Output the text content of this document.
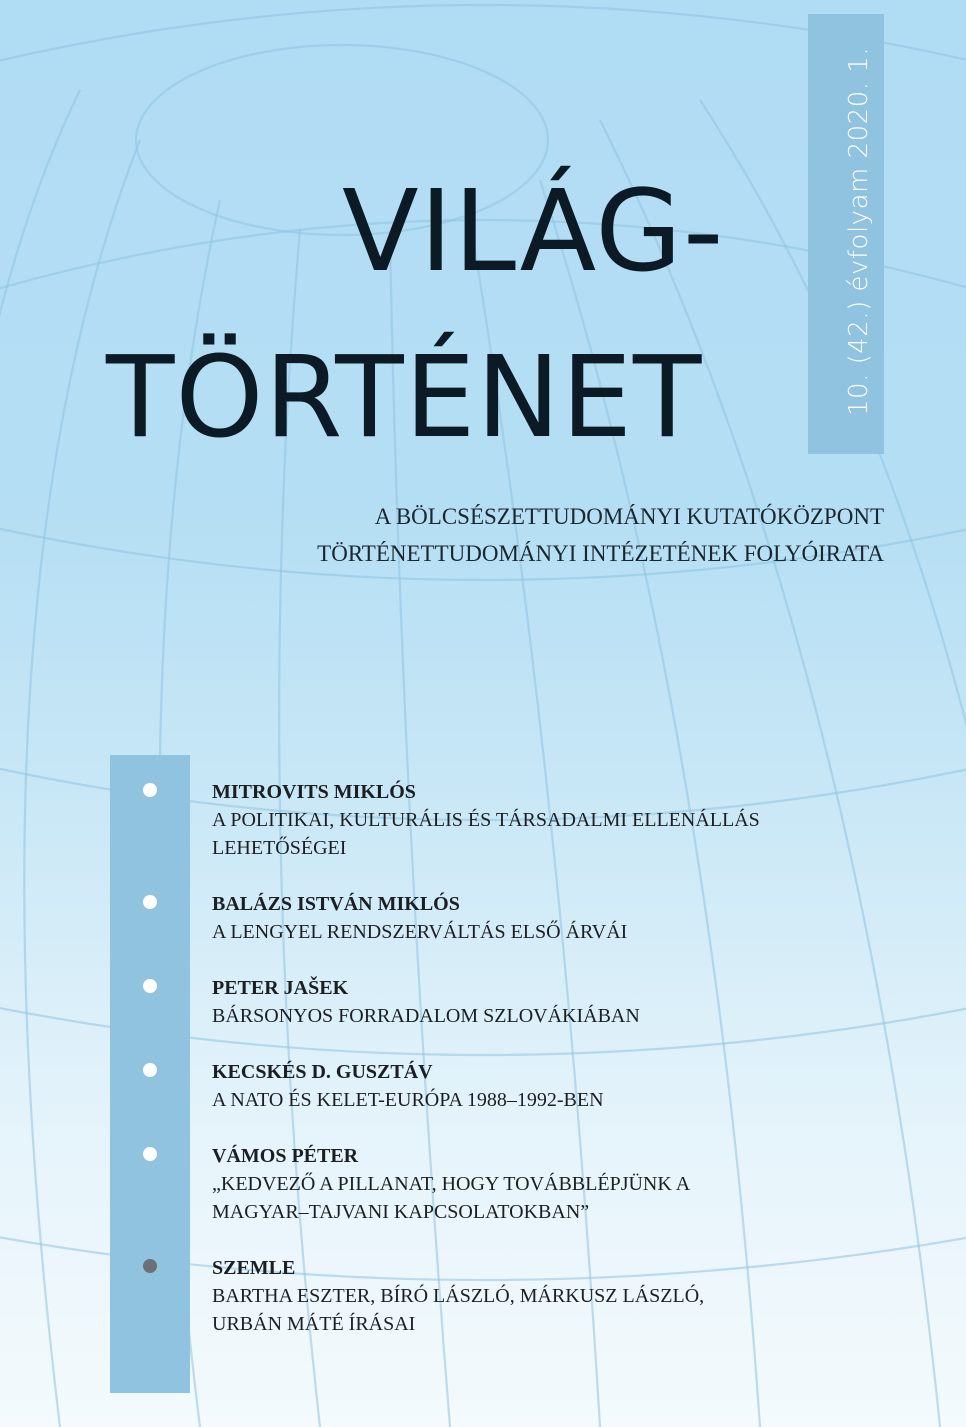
10. (42.) évfolyam 2020. 1.
VILÁG-
TÖRTÉNET
A BÖLCSÉSZETTUDOMÁNYI KUTATÓKÖZPONT
TÖRTÉNETTUDOMÁNYI INTÉZETÉNEK FOLYÓIRATA
MITROVITS MIKLÓS
A POLITIKAI, KULTURÁLIS ÉS TÁRSADALMI ELLENÁLLÁS
LEHETŐSÉGEI
BALÁZS ISTVÁN MIKLÓS
A LENGYEL RENDSZERVÁLTÁS ELSŐ ÁRVÁI
PETER JAŠEK
BÁRSONYOS FORRADALOM SZLOVÁKIÁBAN
KECSKÉS D. GUSZTÁV
A NATO ÉS KELET-EURÓPA 1988–1992-BEN
VÁMOS PÉTER
„KEDVEZŐ A PILLANAT, HOGY TOVÁBBLÉPJÜNK A
MAGYAR–TAJVANI KAPCSOLATOKBAN”
SZEMLE
BARTHA ESZTER, BÍRÓ LÁSZLÓ, MÁRKUSZ LÁSZLÓ,
URBÁN MÁTÉ ÍRÁSAI
